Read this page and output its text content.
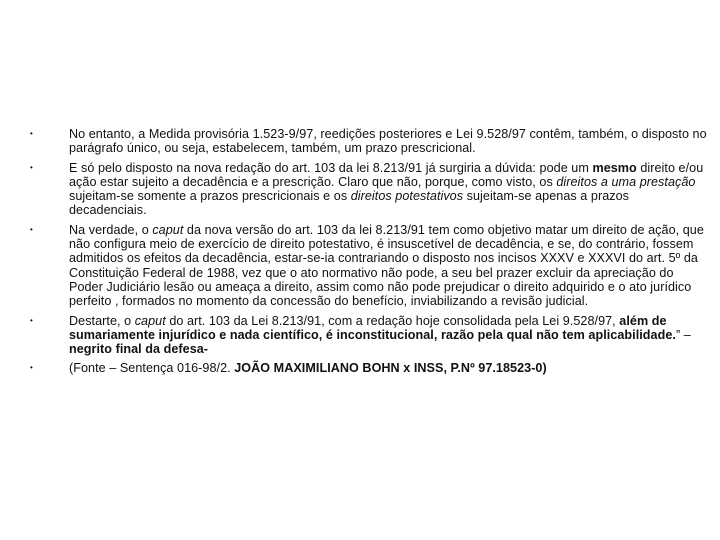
•	No entanto, a Medida provisória 1.523-9/97, reedições posteriores e Lei 9.528/97 contêm, também, o disposto no parágrafo único, ou seja, estabelecem, também, um prazo prescricional.
•	E só pelo disposto na nova redação do art. 103 da lei 8.213/91 já surgiria a dúvida: pode um mesmo direito e/ou ação estar sujeito a decadência e a prescrição. Claro que não, porque, como visto, os direitos a uma prestação sujeitam-se somente a prazos prescricionais e os direitos potestativos sujeitam-se apenas a prazos decadenciais.
•	Na verdade, o caput da nova versão do art. 103 da lei 8.213/91 tem como objetivo matar um direito de ação, que não configura meio de exercício de direito potestativo, é insuscetível de decadência, e se, do contrário, fossem admitidos os efeitos da decadência, estar-se-ia contrariando o disposto nos incisos XXXV e XXXVI do art. 5º da Constituição Federal de 1988, vez que o ato normativo não pode, a seu bel prazer excluir da apreciação do Poder Judiciário lesão ou ameaça a direito, assim como não pode prejudicar o direito adquirido e o ato jurídico perfeito , formados no momento da concessão do benefício, inviabilizando a revisão judicial.
•	Destarte, o caput do art. 103 da Lei 8.213/91, com a redação hoje consolidada pela Lei 9.528/97, além de sumariamente injurídico e nada científico, é inconstitucional, razão pela qual não tem aplicabilidade.” – negrito final da defesa-
•	(Fonte – Sentença 016-98/2. JOÃO MAXIMILIANO BOHN x INSS, P.Nº 97.18523-0)
